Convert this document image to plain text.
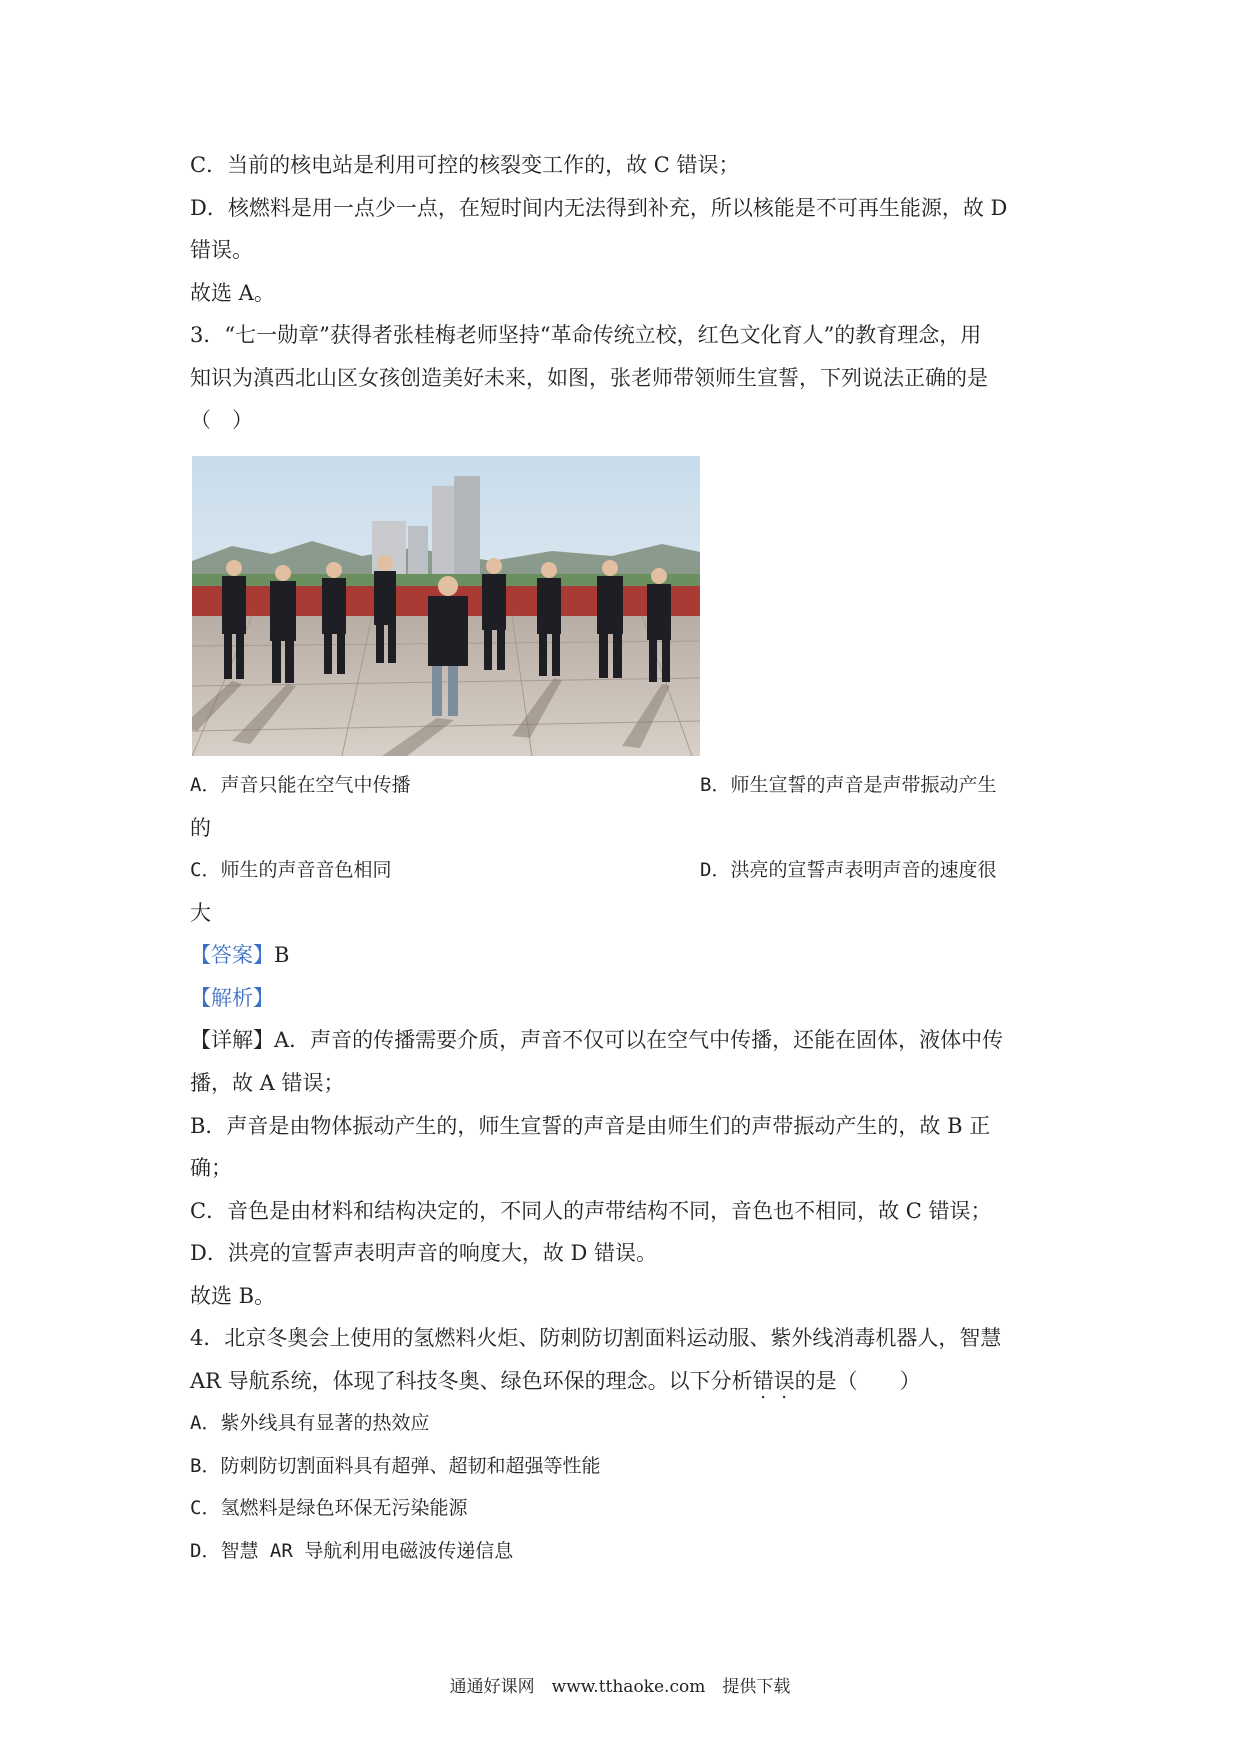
C．当前的核电站是利用可控的核裂变工作的，故 C 错误；
D．核燃料是用一点少一点，在短时间内无法得到补充，所以核能是不可再生能源，故 D
错误。
故选 A。
3．“七一勋章”获得者张桂梅老师坚持“革命传统立校，红色文化育人”的教育理念，用
知识为滇西北山区女孩创造美好未来，如图，张老师带领师生宣誓，下列说法正确的是
（　）
A．声音只能在空气中传播	B．师生宣誓的声音是声带振动产生
的
C．师生的声音音色相同	D．洪亮的宣誓声表明声音的速度很
大
【答案】B
【解析】
【详解】A．声音的传播需要介质，声音不仅可以在空气中传播，还能在固体，液体中传
播，故 A 错误；
B．声音是由物体振动产生的，师生宣誓的声音是由师生们的声带振动产生的，故 B 正
确；
C．音色是由材料和结构决定的，不同人的声带结构不同，音色也不相同，故 C 错误；
D．洪亮的宣誓声表明声音的响度大，故 D 错误。
故选 B。
4．北京冬奥会上使用的氢燃料火炬、防刺防切割面料运动服、紫外线消毒机器人，智慧
AR 导航系统，体现了科技冬奥、绿色环保的理念。以下分析错误的是（　　）
A．紫外线具有显著的热效应
B．防刺防切割面料具有超弹、超韧和超强等性能
C．氢燃料是绿色环保无污染能源
D．智慧 AR 导航利用电磁波传递信息
通通好课网　www.tthaoke.com　提供下载
